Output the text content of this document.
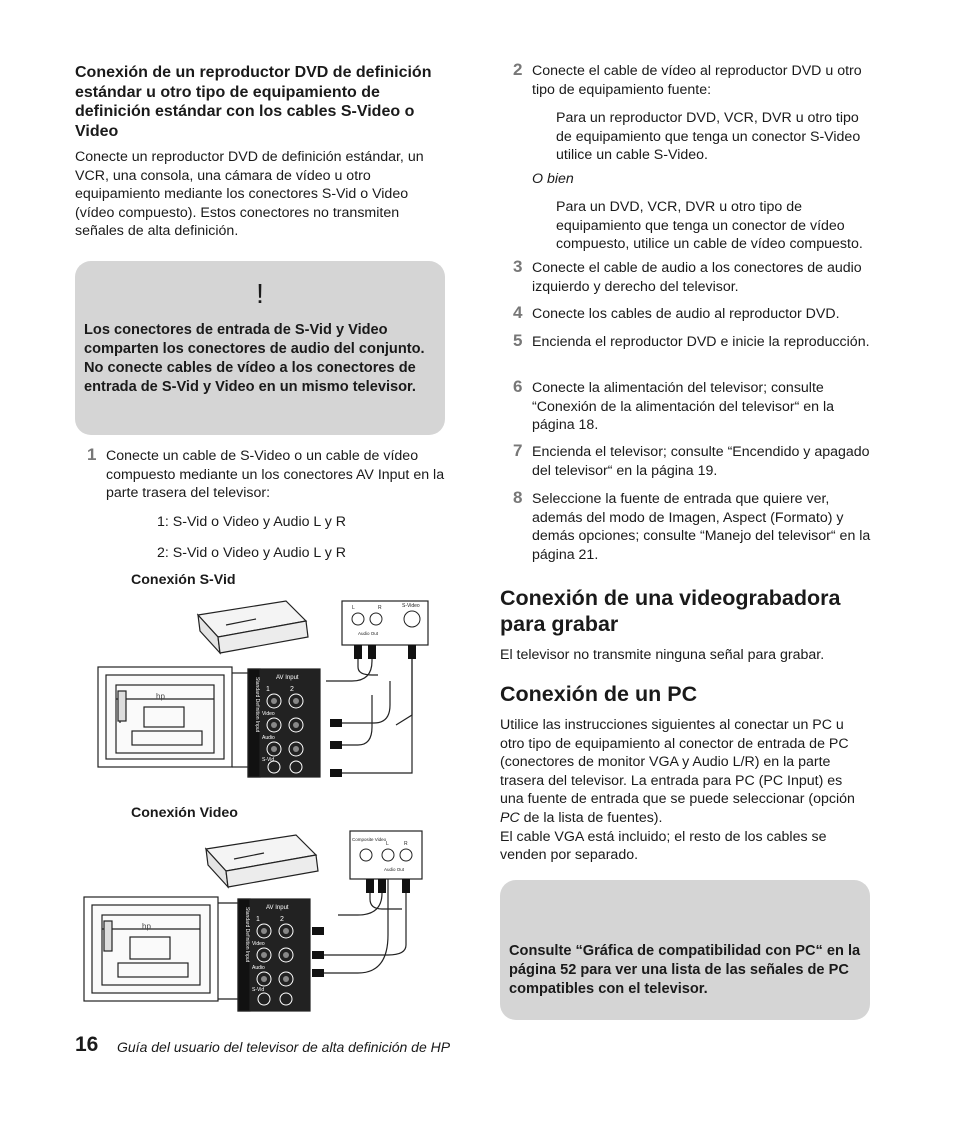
Conexión de un reproductor DVD de definición estándar u otro tipo de equipamiento de definición estándar con los cables S-Video o Video

Conecte un reproductor DVD de definición estándar, un VCR, una consola, una cámara de vídeo u otro equipamiento mediante los conectores S-Vid o Video (vídeo compuesto). Estos conectores no transmiten señales de alta definición.

!

Los conectores de entrada de S-Vid y Video comparten los conectores de audio del conjunto. No conecte cables de vídeo a los conectores de entrada de S-Vid y Video en un mismo televisor.

1 Conecte un cable de S-Video o un cable de vídeo compuesto mediante un los conectores AV Input en la parte trasera del televisor:

1: S-Vid o Video y Audio L y R

2: S-Vid o Video y Audio L y R

Conexión S-Vid

AV Input
1	2
Video
Audio
S-Vid
Standard Definition Input
L	R	S-Video
Audio Out
hp

Conexión Video

AV Input
1	2
Video
Audio
S-Vid
Standard Definition Input
Composite Video
L	R
Audio Out
hp
2 Conecte el cable de vídeo al reproductor DVD u otro tipo de equipamiento fuente:

Para un reproductor DVD, VCR, DVR u otro tipo de equipamiento que tenga un conector S-Video utilice un cable S-Video.

O bien

Para un DVD, VCR, DVR u otro tipo de equipamiento que tenga un conector de vídeo compuesto, utilice un cable de vídeo compuesto.

3 Conecte el cable de audio a los conectores de audio izquierdo y derecho del televisor.

4 Conecte los cables de audio al reproductor DVD.

5 Encienda el reproductor DVD e inicie la reproducción.

6 Conecte la alimentación del televisor; consulte “Conexión de la alimentación del televisor“ en la página 18.

7 Encienda el televisor; consulte “Encendido y apagado del televisor“ en la página 19.

8 Seleccione la fuente de entrada que quiere ver, además del modo de Imagen, Aspect (Formato) y demás opciones; consulte “Manejo del televisor“ en la página 21.

Conexión de una videograbadora para grabar

El televisor no transmite ninguna señal para grabar.

Conexión de un PC

Utilice las instrucciones siguientes al conectar un PC u otro tipo de equipamiento al conector de entrada de PC (conectores de monitor VGA y Audio L/R) en la parte trasera del televisor. La entrada para PC (PC Input) es una fuente de entrada que se puede seleccionar (opción PC de la lista de fuentes).
El cable VGA está incluido; el resto de los cables se venden por separado.

Consulte “Gráfica de compatibilidad con PC“ en la página 52 para ver una lista de las señales de PC compatibles con el televisor.

16 Guía del usuario del televisor de alta definición de HP
